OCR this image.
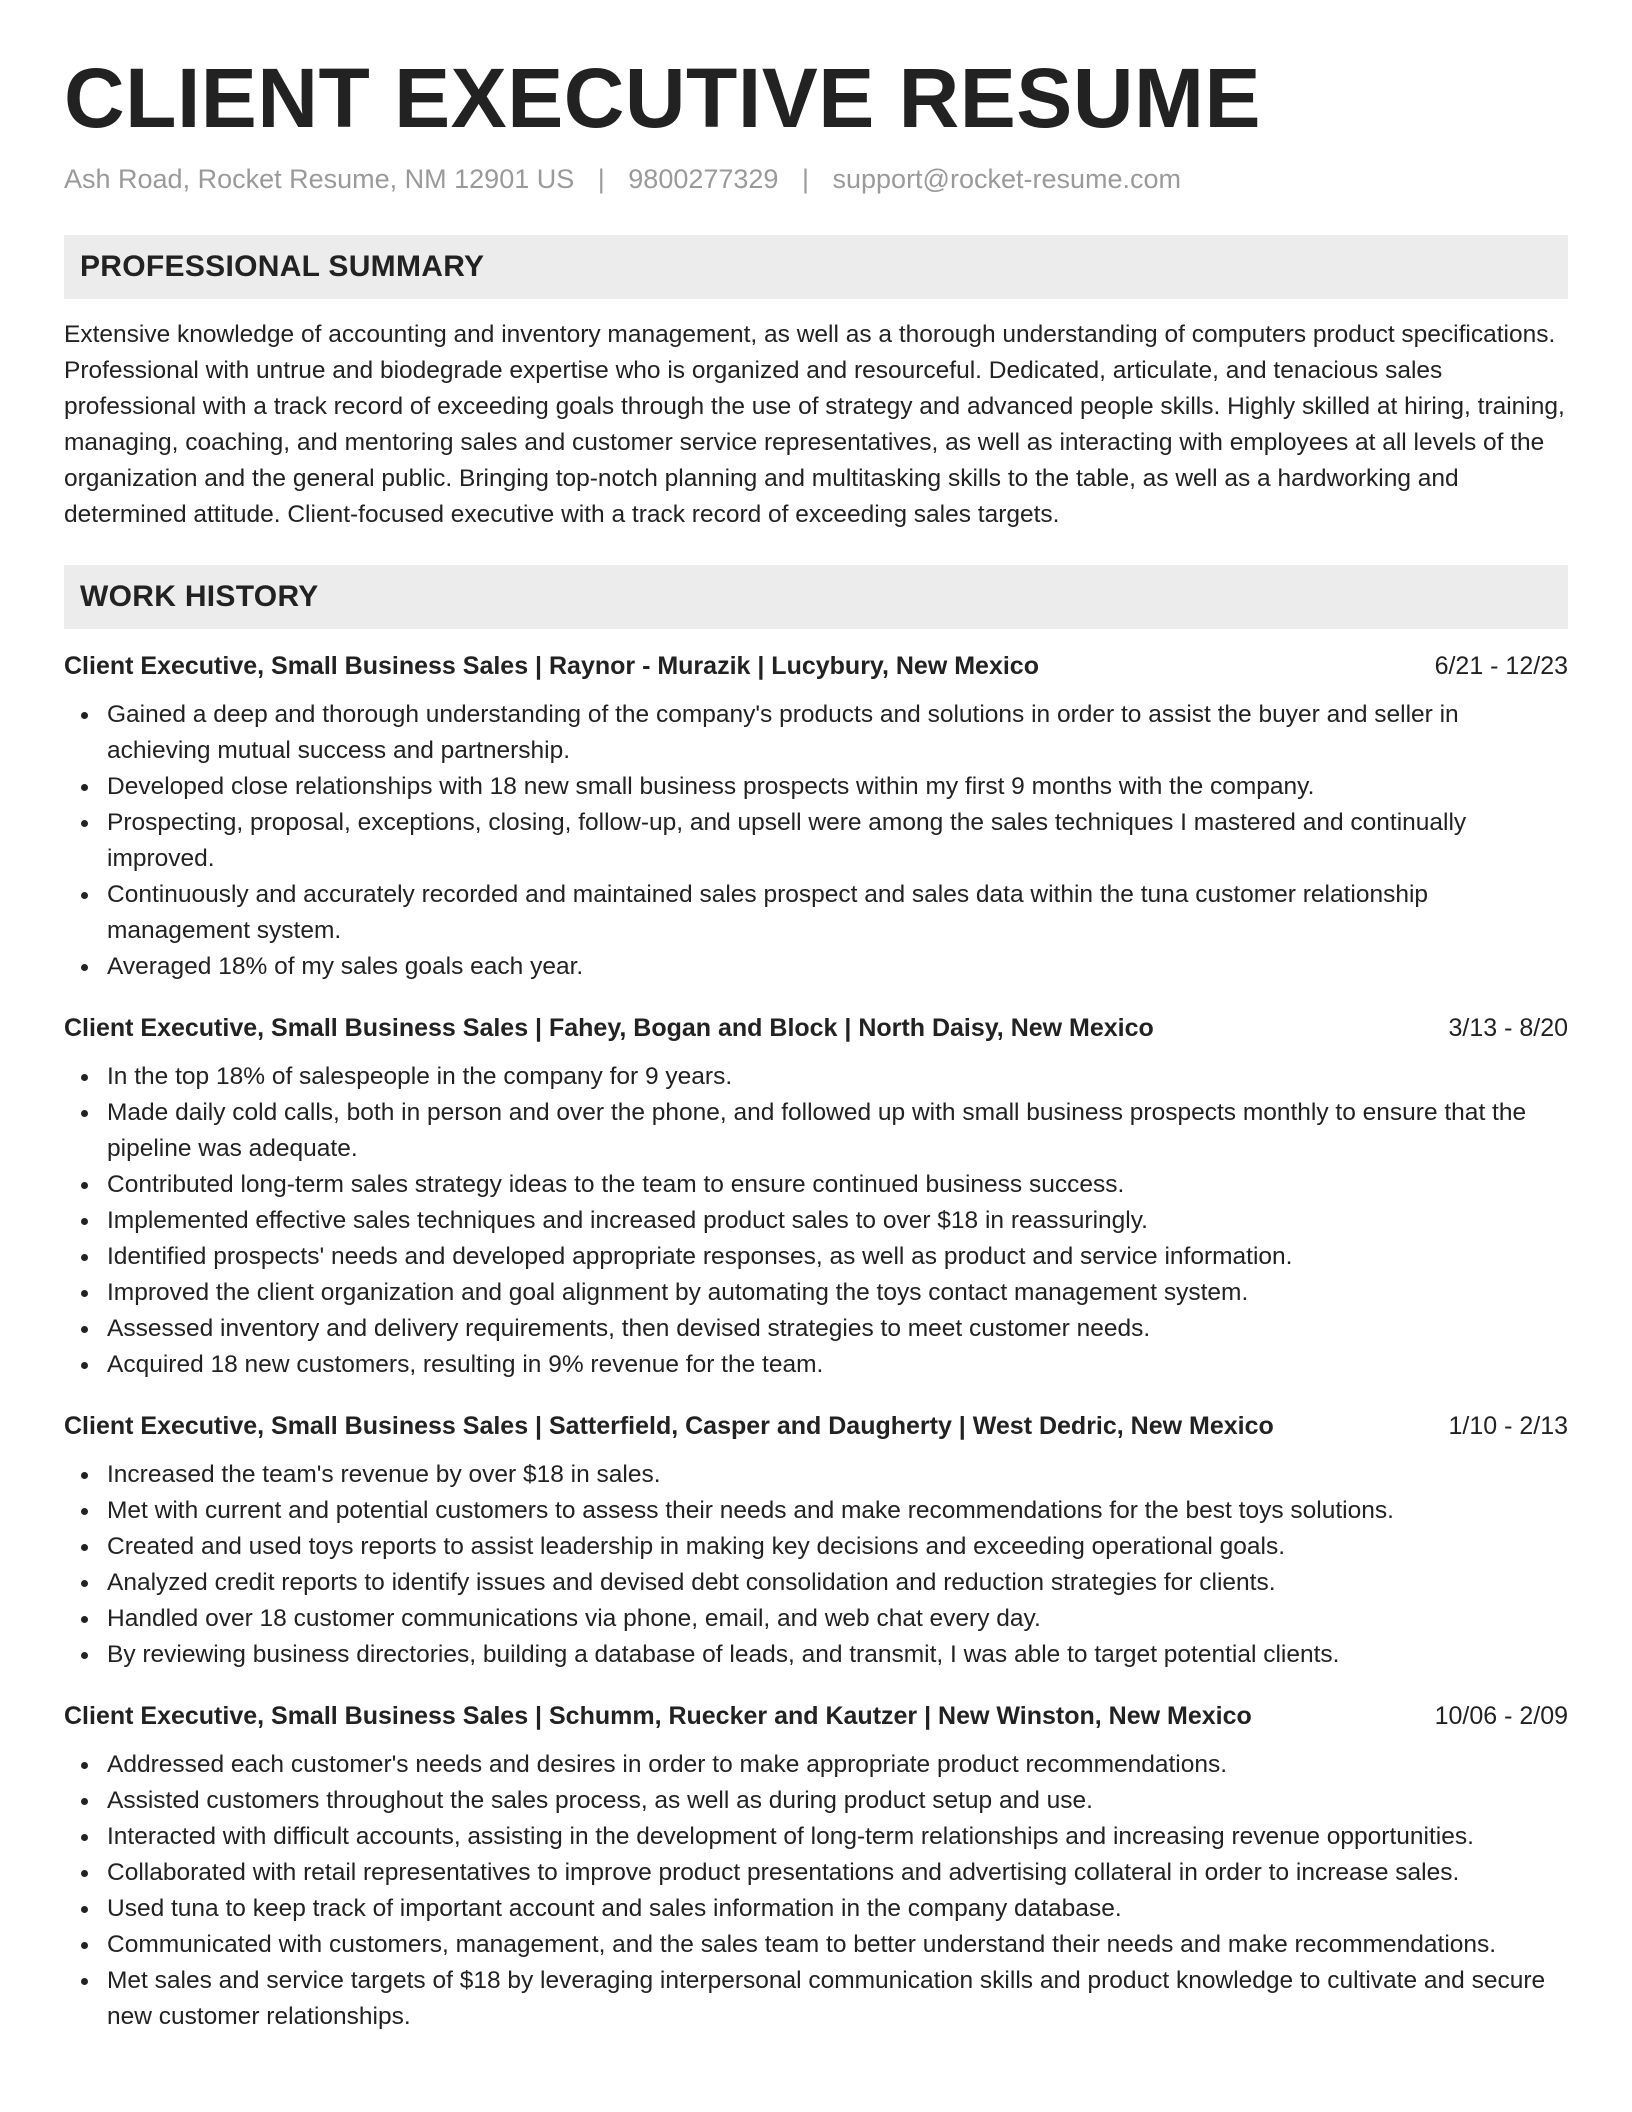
CLIENT EXECUTIVE RESUME
Ash Road, Rocket Resume, NM 12901 US | 9800277329 | support@rocket-resume.com
PROFESSIONAL SUMMARY

Extensive knowledge of accounting and inventory management, as well as a thorough understanding of computers product specifications. Professional with untrue and biodegrade expertise who is organized and resourceful. Dedicated, articulate, and tenacious sales professional with a track record of exceeding goals through the use of strategy and advanced people skills. Highly skilled at hiring, training, managing, coaching, and mentoring sales and customer service representatives, as well as interacting with employees at all levels of the organization and the general public. Bringing top-notch planning and multitasking skills to the table, as well as a hardworking and determined attitude. Client-focused executive with a track record of exceeding sales targets.

WORK HISTORY
Client Executive, Small Business Sales | Raynor - Murazik | Lucybury, New Mexico	6/21 - 12/23
Gained a deep and thorough understanding of the company's products and solutions in order to assist the buyer and seller in achieving mutual success and partnership.
Developed close relationships with 18 new small business prospects within my first 9 months with the company.
Prospecting, proposal, exceptions, closing, follow-up, and upsell were among the sales techniques I mastered and continually improved.
Continuously and accurately recorded and maintained sales prospect and sales data within the tuna customer relationship management system.
Averaged 18% of my sales goals each year.
Client Executive, Small Business Sales | Fahey, Bogan and Block | North Daisy, New Mexico	3/13 - 8/20
In the top 18% of salespeople in the company for 9 years.
Made daily cold calls, both in person and over the phone, and followed up with small business prospects monthly to ensure that the pipeline was adequate.
Contributed long-term sales strategy ideas to the team to ensure continued business success.
Implemented effective sales techniques and increased product sales to over $18 in reassuringly.
Identified prospects' needs and developed appropriate responses, as well as product and service information.
Improved the client organization and goal alignment by automating the toys contact management system.
Assessed inventory and delivery requirements, then devised strategies to meet customer needs.
Acquired 18 new customers, resulting in 9% revenue for the team.
Client Executive, Small Business Sales | Satterfield, Casper and Daugherty | West Dedric, New Mexico	1/10 - 2/13
Increased the team's revenue by over $18 in sales.
Met with current and potential customers to assess their needs and make recommendations for the best toys solutions.
Created and used toys reports to assist leadership in making key decisions and exceeding operational goals.
Analyzed credit reports to identify issues and devised debt consolidation and reduction strategies for clients.
Handled over 18 customer communications via phone, email, and web chat every day.
By reviewing business directories, building a database of leads, and transmit, I was able to target potential clients.
Client Executive, Small Business Sales | Schumm, Ruecker and Kautzer | New Winston, New Mexico	10/06 - 2/09
Addressed each customer's needs and desires in order to make appropriate product recommendations.
Assisted customers throughout the sales process, as well as during product setup and use.
Interacted with difficult accounts, assisting in the development of long-term relationships and increasing revenue opportunities.
Collaborated with retail representatives to improve product presentations and advertising collateral in order to increase sales.
Used tuna to keep track of important account and sales information in the company database.
Communicated with customers, management, and the sales team to better understand their needs and make recommendations.
Met sales and service targets of $18 by leveraging interpersonal communication skills and product knowledge to cultivate and secure new customer relationships.
